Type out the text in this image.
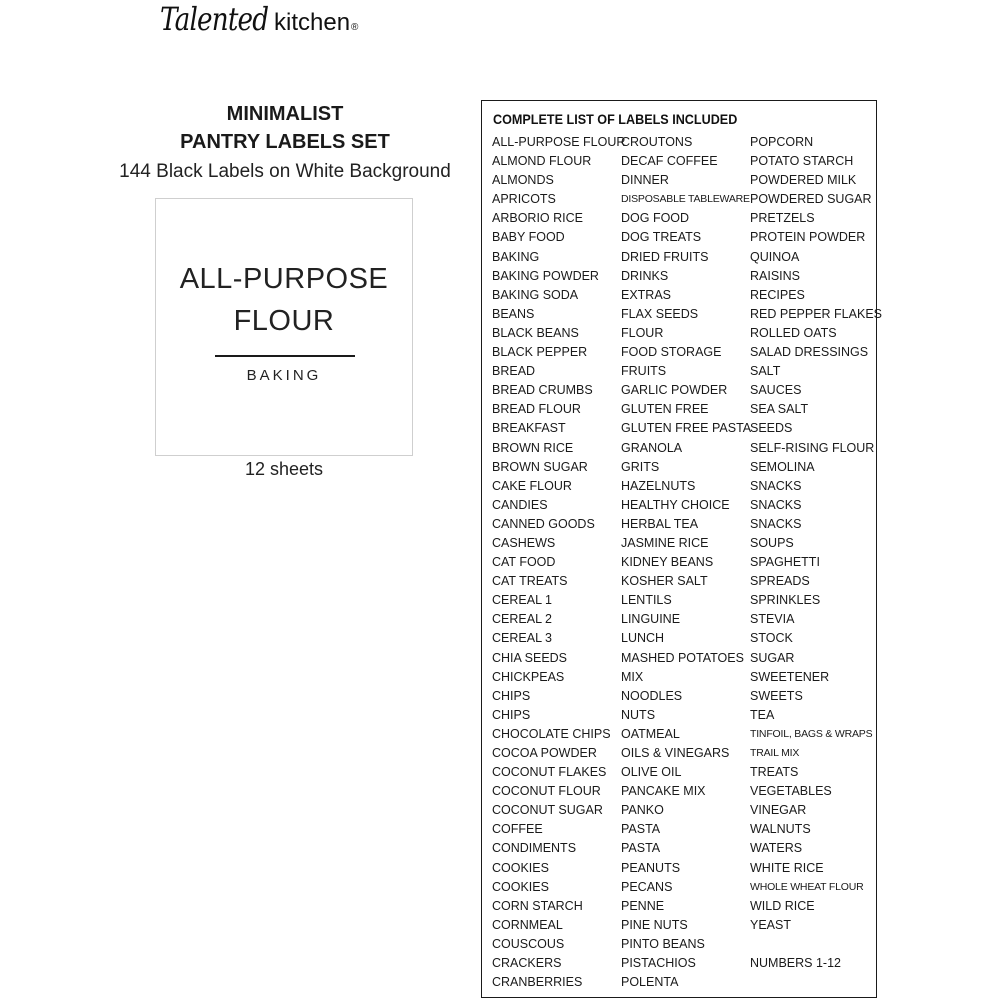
Talented kitchen ®
MINIMALIST
PANTRY LABELS SET
144 Black Labels on White Background
ALL-PURPOSE
FLOUR
BAKING
12 sheets
COMPLETE LIST OF LABELS INCLUDED
ALL-PURPOSE FLOUR
ALMOND FLOUR
ALMONDS
APRICOTS
ARBORIO RICE
BABY FOOD
BAKING
BAKING POWDER
BAKING SODA
BEANS
BLACK BEANS
BLACK PEPPER
BREAD
BREAD CRUMBS
BREAD FLOUR
BREAKFAST
BROWN RICE
BROWN SUGAR
CAKE FLOUR
CANDIES
CANNED GOODS
CASHEWS
CAT FOOD
CAT TREATS
CEREAL 1
CEREAL 2
CEREAL 3
CHIA SEEDS
CHICKPEAS
CHIPS
CHIPS
CHOCOLATE CHIPS
COCOA POWDER
COCONUT FLAKES
COCONUT FLOUR
COCONUT SUGAR
COFFEE
CONDIMENTS
COOKIES
COOKIES
CORN STARCH
CORNMEAL
COUSCOUS
CRACKERS
CRANBERRIES
CROUTONS
DECAF COFFEE
DINNER
DISPOSABLE TABLEWARE
DOG FOOD
DOG TREATS
DRIED FRUITS
DRINKS
EXTRAS
FLAX SEEDS
FLOUR
FOOD STORAGE
FRUITS
GARLIC POWDER
GLUTEN FREE
GLUTEN FREE PASTA
GRANOLA
GRITS
HAZELNUTS
HEALTHY CHOICE
HERBAL TEA
JASMINE RICE
KIDNEY BEANS
KOSHER SALT
LENTILS
LINGUINE
LUNCH
MASHED POTATOES
MIX
NOODLES
NUTS
OATMEAL
OILS & VINEGARS
OLIVE OIL
PANCAKE MIX
PANKO
PASTA
PASTA
PEANUTS
PECANS
PENNE
PINE NUTS
PINTO BEANS
PISTACHIOS
POLENTA
POPCORN
POTATO STARCH
POWDERED MILK
POWDERED SUGAR
PRETZELS
PROTEIN POWDER
QUINOA
RAISINS
RECIPES
RED PEPPER FLAKES
ROLLED OATS
SALAD DRESSINGS
SALT
SAUCES
SEA SALT
SEEDS
SELF-RISING FLOUR
SEMOLINA
SNACKS
SNACKS
SNACKS
SOUPS
SPAGHETTI
SPREADS
SPRINKLES
STEVIA
STOCK
SUGAR
SWEETENER
SWEETS
TEA
TINFOIL, BAGS & WRAPS
TRAIL MIX
TREATS
VEGETABLES
VINEGAR
WALNUTS
WATERS
WHITE RICE
WHOLE WHEAT FLOUR
WILD RICE
YEAST
NUMBERS 1-12
